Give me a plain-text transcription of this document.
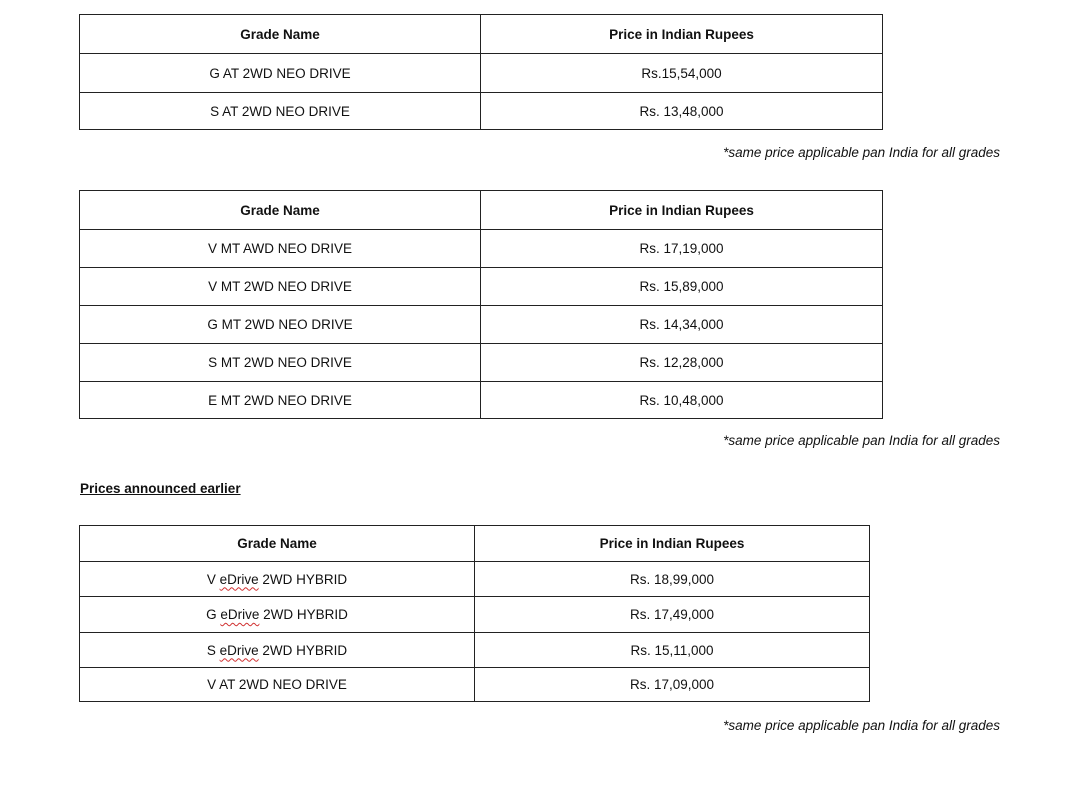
Grade Name	Price in Indian Rupees
G AT 2WD NEO DRIVE	Rs.15,54,000
S AT 2WD NEO DRIVE	Rs. 13,48,000
*same price applicable pan India for all grades
Grade Name	Price in Indian Rupees
V MT AWD NEO DRIVE	Rs. 17,19,000
V MT 2WD NEO DRIVE	Rs. 15,89,000
G MT 2WD NEO DRIVE	Rs. 14,34,000
S MT 2WD NEO DRIVE	Rs. 12,28,000
E MT 2WD NEO DRIVE	Rs. 10,48,000
*same price applicable pan India for all grades
Prices announced earlier
Grade Name	Price in Indian Rupees
V eDrive 2WD HYBRID	Rs. 18,99,000
G eDrive 2WD HYBRID	Rs. 17,49,000
S eDrive 2WD HYBRID	Rs. 15,11,000
V AT 2WD NEO DRIVE	Rs. 17,09,000
*same price applicable pan India for all grades
